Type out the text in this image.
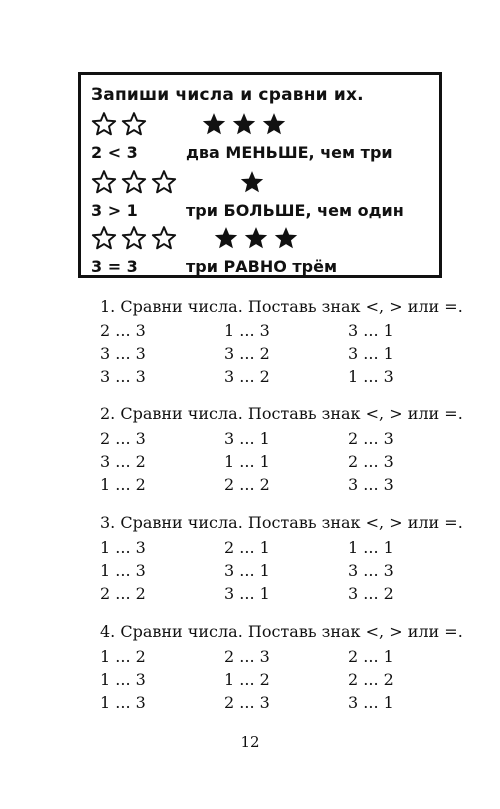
Запиши числа и сравни их.
2 < 3	два МЕНЬШЕ, чем три
3 > 1	три БОЛЬШЕ, чем один
3 = 3	три РАВНО трём
1. Сравни числа. Поставь знак <, > или =.
2 ... 3	1 ... 3	3 ... 1
3 ... 3	3 ... 2	3 ... 1
3 ... 3	3 ... 2	1 ... 3
2. Сравни числа. Поставь знак <, > или =.
2 ... 3	3 ... 1	2 ... 3
3 ... 2	1 ... 1	2 ... 3
1 ... 2	2 ... 2	3 ... 3
3. Сравни числа. Поставь знак <, > или =.
1 ... 3	2 ... 1	1 ... 1
1 ... 3	3 ... 1	3 ... 3
2 ... 2	3 ... 1	3 ... 2
4. Сравни числа. Поставь знак <, > или =.
1 ... 2	2 ... 3	2 ... 1
1 ... 3	1 ... 2	2 ... 2
1 ... 3	2 ... 3	3 ... 1
12
